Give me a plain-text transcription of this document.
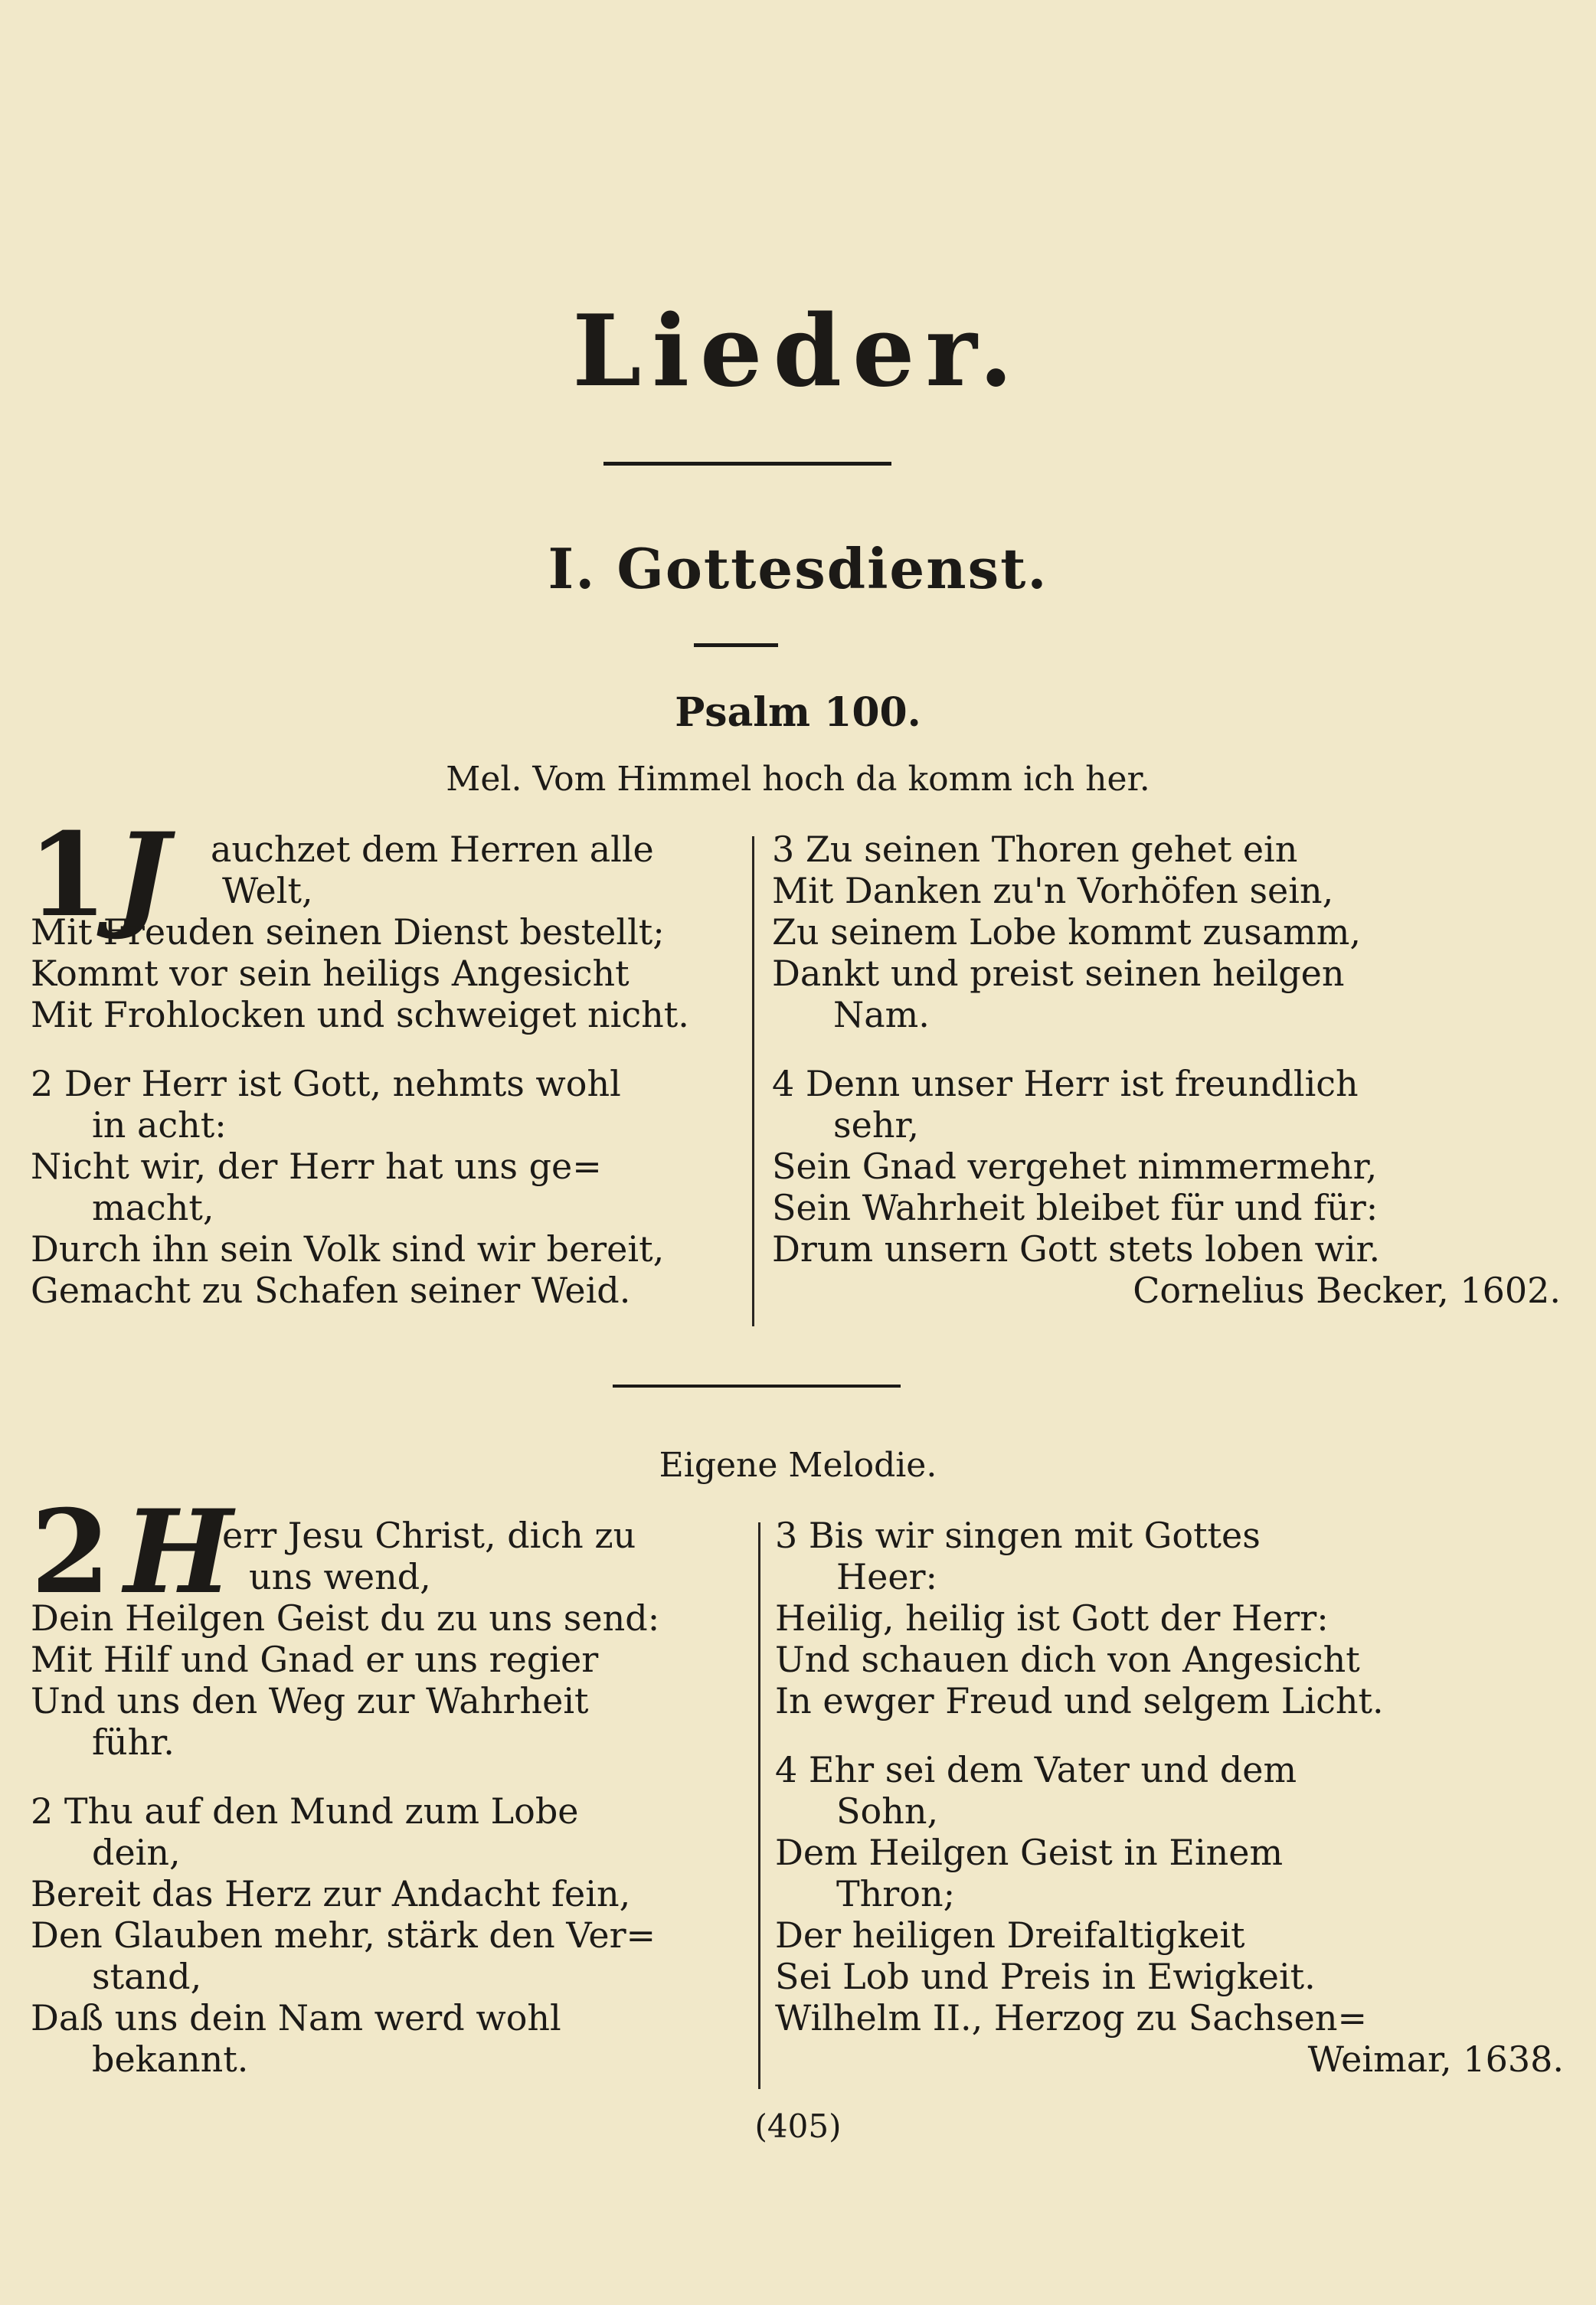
Lieder.
I. Gottesdienst.
Psalm 100.
Mel. Vom Himmel hoch da komm ich her.
1 J	auchzet dem Herren alle
Welt,
Mit Freuden seinen Dienst bestellt;
Kommt vor sein heiligs Angesicht
Mit Frohlocken und schweiget nicht.
2 Der Herr ist Gott, nehmts wohl
in acht:
Nicht wir, der Herr hat uns ge=
macht,
Durch ihn sein Volk sind wir bereit,
Gemacht zu Schafen seiner Weid.
3 Zu seinen Thoren gehet ein
Mit Danken zu'n Vorhöfen sein,
Zu seinem Lobe kommt zusamm,
Dankt und preist seinen heilgen
Nam.
4 Denn unser Herr ist freundlich
sehr,
Sein Gnad vergehet nimmermehr,
Sein Wahrheit bleibet für und für:
Drum unsern Gott stets loben wir.
Cornelius Becker, 1602.
Eigene Melodie.
2 H
err Jesu Christ, dich zu
uns wend,
Dein Heilgen Geist du zu uns send:
Mit Hilf und Gnad er uns regier
Und uns den Weg zur Wahrheit
führ.
2 Thu auf den Mund zum Lobe
dein,
Bereit das Herz zur Andacht fein,
Den Glauben mehr, stärk den Ver=
stand,
Daß uns dein Nam werd wohl
bekannt.
3 Bis wir singen mit Gottes
Heer:
Heilig, heilig ist Gott der Herr:
Und schauen dich von Angesicht
In ewger Freud und selgem Licht.
4 Ehr sei dem Vater und dem
Sohn,
Dem Heilgen Geist in Einem
Thron;
Der heiligen Dreifaltigkeit
Sei Lob und Preis in Ewigkeit.
Wilhelm II., Herzog zu Sachsen=
Weimar, 1638.
(405)
